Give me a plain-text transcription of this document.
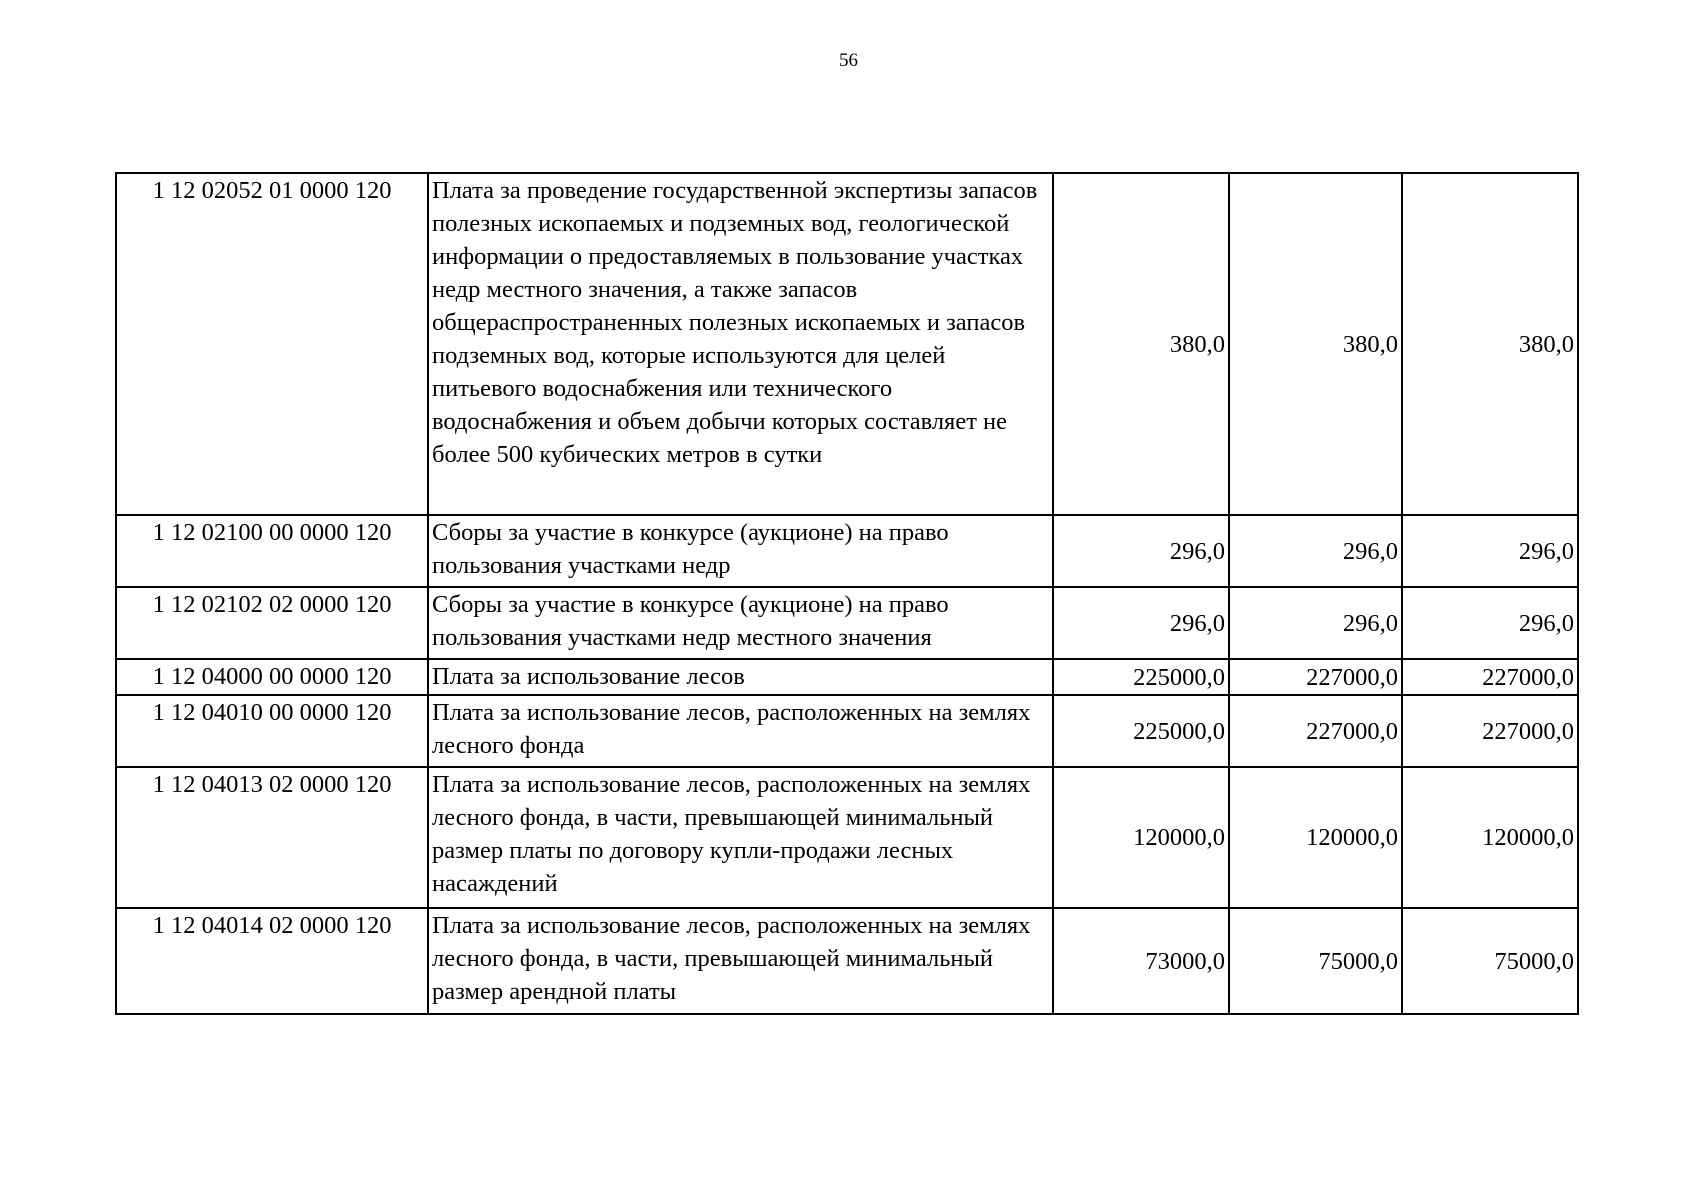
56
1 12 02052 01 0000 120	Плата за проведение государственной экспертизы запасов полезных ископаемых и подземных вод, геологической информации о предоставляемых в пользование участках недр местного значения, а также запасов общераспространенных полезных ископаемых и запасов подземных вод, которые используются для целей питьевого водоснабжения или технического водоснабжения и объем добычи которых составляет не более 500 кубических метров в сутки	380,0	380,0	380,0
1 12 02100 00 0000 120	Сборы за участие в конкурсе (аукционе) на право пользования участками недр	296,0	296,0	296,0
1 12 02102 02 0000 120	Сборы за участие в конкурсе (аукционе) на право пользования участками недр местного значения	296,0	296,0	296,0
1 12 04000 00 0000 120	Плата за использование лесов	225000,0	227000,0	227000,0
1 12 04010 00 0000 120	Плата за использование лесов, расположенных на землях лесного фонда	225000,0	227000,0	227000,0
1 12 04013 02 0000 120	Плата за использование лесов, расположенных на землях лесного фонда, в части, превышающей минимальный размер платы по договору купли-продажи лесных насаждений	120000,0	120000,0	120000,0
1 12 04014 02 0000 120	Плата за использование лесов, расположенных на землях лесного фонда, в части, превышающей минимальный размер арендной платы	73000,0	75000,0	75000,0
